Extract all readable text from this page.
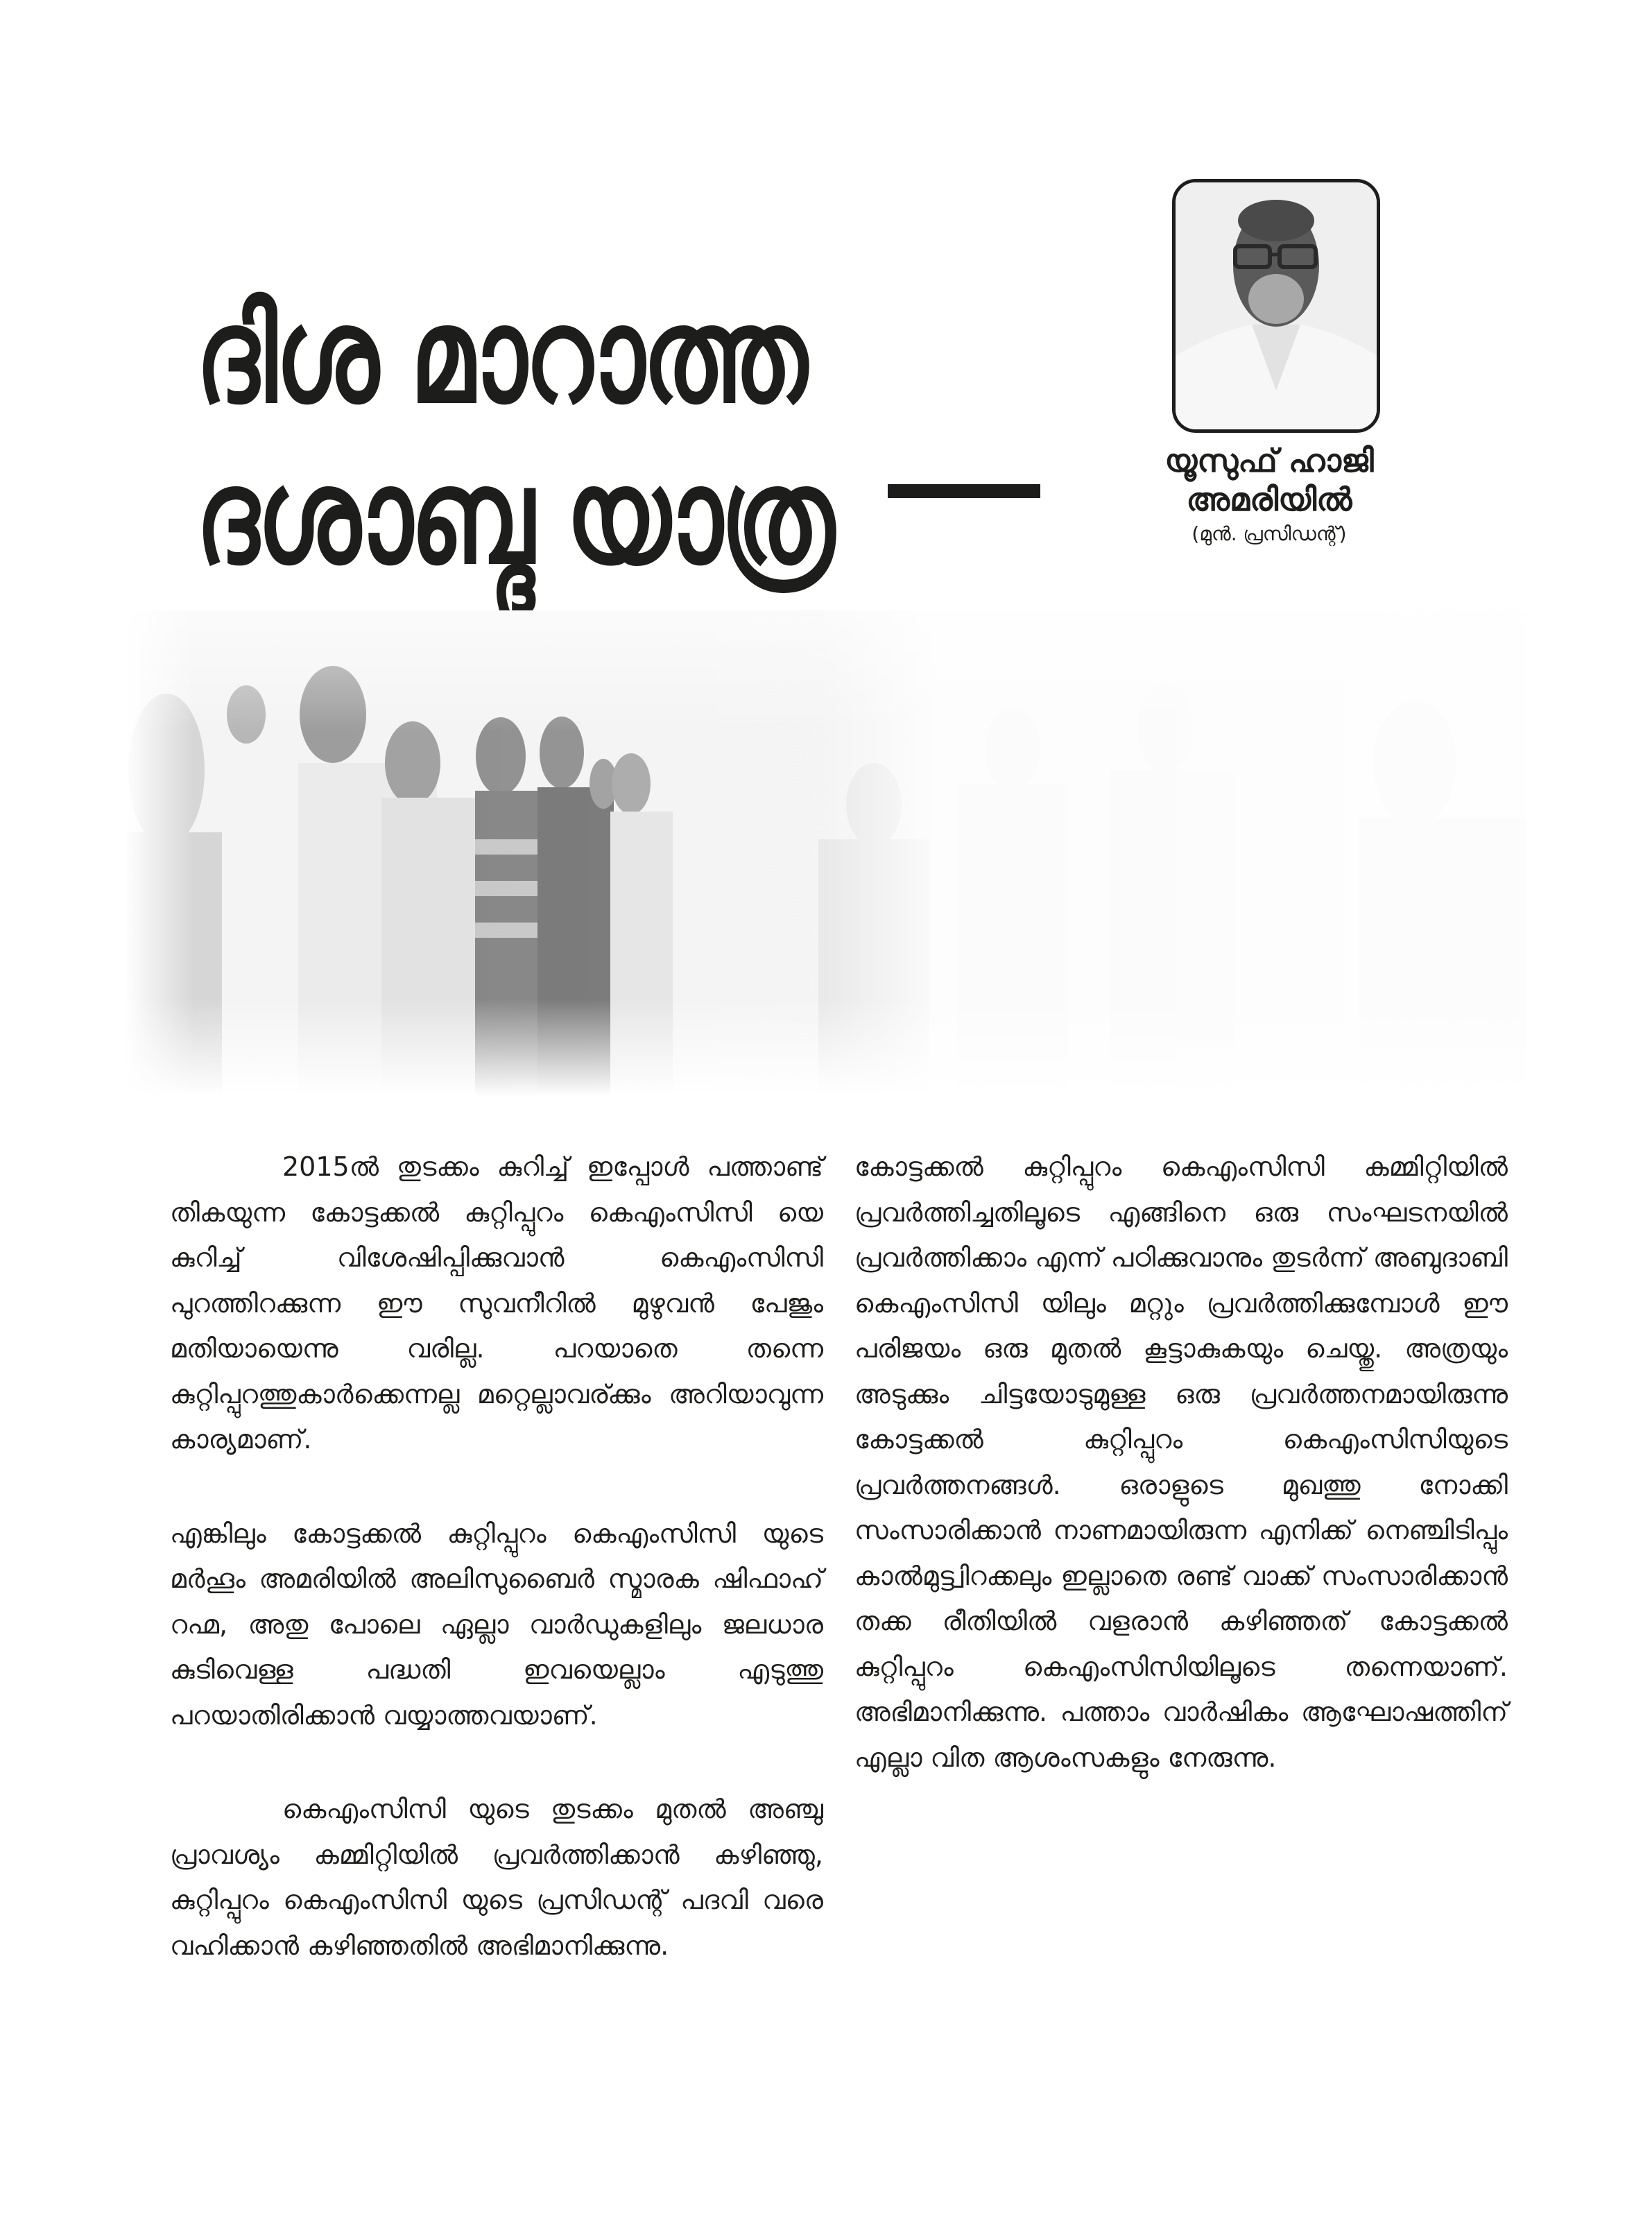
ദിശ മാറാത്ത
ദശാബ്ദ യാത്ര	യൂസുഫ് ഹാജി
അമരിയിൽ
(മുൻ. പ്രസിഡന്റ്)

2015ൽ തുടക്കം കുറിച്ച് ഇപ്പോൾ പത്താണ്ട് തികയുന്ന കോട്ടക്കൽ കുറ്റിപ്പുറം കെഎംസിസി യെ കുറിച്ച് വിശേഷിപ്പിക്കുവാൻ കെഎംസിസി പുറത്തിറക്കുന്ന ഈ സുവനീറിൽ മുഴുവൻ പേജും മതിയായെന്നു വരില്ല. പറയാതെ തന്നെ കുറ്റിപ്പുറത്തുകാർക്കെന്നല്ല മറ്റെല്ലാവര്ക്കും അറിയാവുന്ന കാര്യമാണ്.

എങ്കിലും കോട്ടക്കൽ കുറ്റിപ്പുറം കെഎംസിസി യുടെ മർഹൂം അമരിയിൽ അലിസുബൈർ സ്മാരക ഷിഫാഹ് റഹ്മ, അതു പോലെ ഏല്ലാ വാർഡുകളിലും ജലധാര കുടിവെള്ള പദ്ധതി ഇവയെല്ലാം എടുത്തു പറയാതിരിക്കാൻ വയ്യാത്തവയാണ്.

കെഎംസിസി യുടെ തുടക്കം മുതൽ അഞ്ചു പ്രാവശ്യം കമ്മിറ്റിയിൽ പ്രവർത്തിക്കാൻ കഴിഞ്ഞു, കുറ്റിപ്പുറം കെഎംസിസി യുടെ പ്രസിഡന്റ് പദവി വരെ വഹിക്കാൻ കഴിഞ്ഞതിൽ അഭിമാനിക്കുന്നു.

കോട്ടക്കൽ കുറ്റിപ്പുറം കെഎംസിസി കമ്മിറ്റിയിൽ പ്രവർത്തിച്ചതിലൂടെ എങ്ങിനെ ഒരു സംഘടനയിൽ പ്രവർത്തിക്കാം എന്ന് പഠിക്കുവാനും തുടർന്ന് അബുദാബി കെഎംസിസി യിലും മറ്റും പ്രവർത്തിക്കുമ്പോൾ ഈ പരിജയം ഒരു മുതൽ കൂട്ടാകുകയും ചെയ്തു. അത്രയും അടുക്കും ചിട്ടയോടുമുള്ള ഒരു പ്രവർത്തനമായിരുന്നു കോട്ടക്കൽ കുറ്റിപ്പുറം കെഎംസിസിയുടെ പ്രവർത്തനങ്ങൾ. ഒരാളുടെ മുഖത്തു നോക്കി സംസാരിക്കാൻ നാണമായിരുന്ന എനിക്ക് നെഞ്ചിടിപ്പും കാൽമുട്ട്വിറക്കലും ഇല്ലാതെ രണ്ട് വാക്ക് സംസാരിക്കാൻ തക്ക രീതിയിൽ വളരാൻ കഴിഞ്ഞത് കോട്ടക്കൽ കുറ്റിപ്പുറം കെഎംസിസിയിലൂടെ തന്നെയാണ്. അഭിമാനിക്കുന്നു. പത്താം വാർഷികം ആഘോഷത്തിന് എല്ലാ വിത ആശംസകളും നേരുന്നു.
